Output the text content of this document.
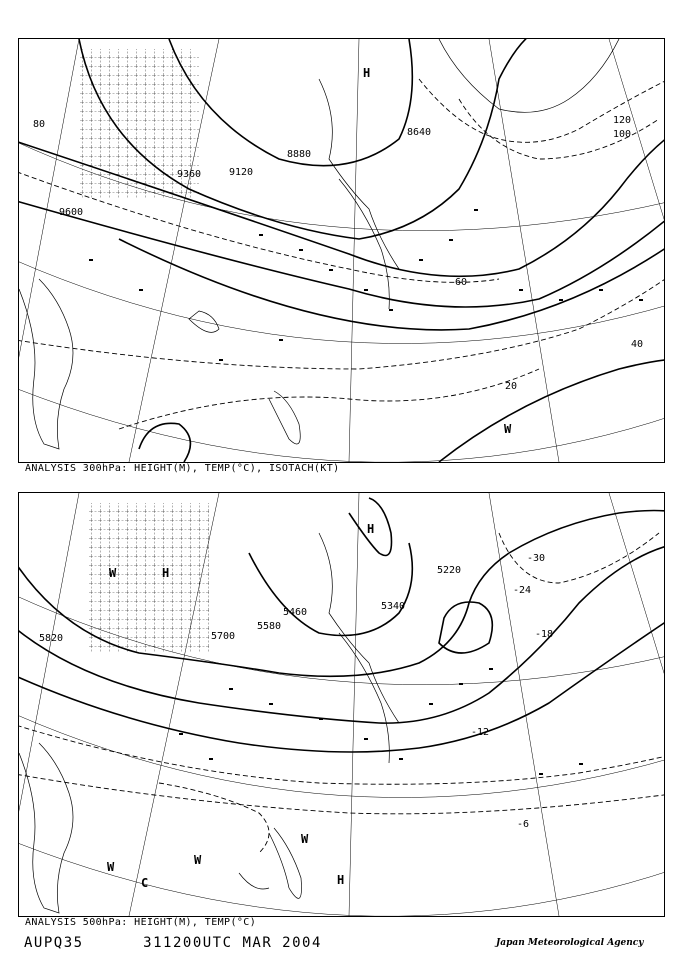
9600
9360	9120
8880
8640
20
40
60
80
100
120
H
W
ANALYSIS 300hPa: HEIGHT(M), TEMP(°C), ISOTACH(KT)
5820	5700
5580
5460
5340
5220
-6
-12
-18
-24
-30
H
H
W
W	W
W
C	H
ANALYSIS 500hPa: HEIGHT(M), TEMP(°C)
AUPQ35	311200UTC MAR 2004	Japan Meteorological Agency
